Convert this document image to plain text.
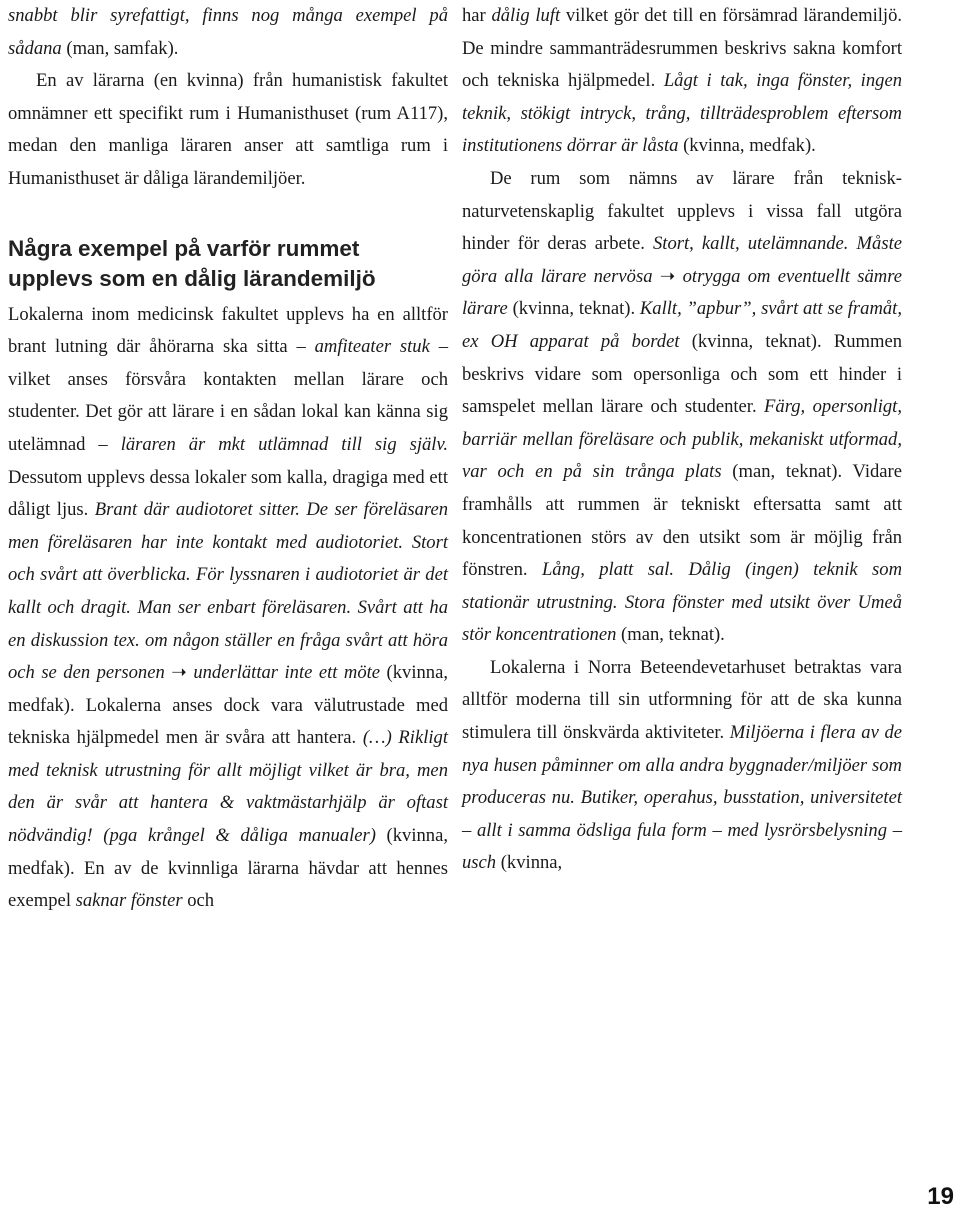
snabbt blir syrefattigt, finns nog många exempel på sådana (man, samfak).

En av lärarna (en kvinna) från humanistisk fakultet omnämner ett specifikt rum i Humanisthuset (rum A117), medan den manliga läraren anser att samtliga rum i Humanisthuset är dåliga lärandemiljöer.

Några exempel på varför rummet upplevs som en dålig lärandemiljö

Lokalerna inom medicinsk fakultet upplevs ha en alltför brant lutning där åhörarna ska sitta – amfiteater stuk – vilket anses försvåra kontakten mellan lärare och studenter. Det gör att lärare i en sådan lokal kan känna sig utelämnad – läraren är mkt utlämnad till sig själv. Dessutom upplevs dessa lokaler som kalla, dragiga med ett dåligt ljus. Brant där audiotoret sitter. De ser föreläsaren men föreläsaren har inte kontakt med audiotoriet. Stort och svårt att överblicka. För lyssnaren i audiotoriet är det kallt och dragit. Man ser enbart föreläsaren. Svårt att ha en diskussion tex. om någon ställer en fråga svårt att höra och se den personen ➝ underlättar inte ett möte (kvinna, medfak). Lokalerna anses dock vara välutrustade med tekniska hjälpmedel men är svåra att hantera. (…) Rikligt med teknisk utrustning för allt möjligt vilket är bra, men den är svår att hantera & vaktmästarhjälp är oftast nödvändig! (pga krångel & dåliga manualer) (kvinna, medfak). En av de kvinnliga lärarna hävdar att hennes exempel saknar fönster och

har dålig luft vilket gör det till en försämrad lärandemiljö. De mindre sammanträdesrummen beskrivs sakna komfort och tekniska hjälpmedel. Lågt i tak, inga fönster, ingen teknik, stökigt intryck, trång, tillträdesproblem eftersom institutionens dörrar är låsta (kvinna, medfak).

De rum som nämns av lärare från teknisk-naturvetenskaplig fakultet upplevs i vissa fall utgöra hinder för deras arbete. Stort, kallt, utelämnande. Måste göra alla lärare nervösa ➝ otrygga om eventuellt sämre lärare (kvinna, teknat). Kallt, ”apbur”, svårt att se framåt, ex OH apparat på bordet (kvinna, teknat). Rummen beskrivs vidare som opersonliga och som ett hinder i samspelet mellan lärare och studenter. Färg, opersonligt, barriär mellan föreläsare och publik, mekaniskt utformad, var och en på sin trånga plats (man, teknat). Vidare framhålls att rummen är tekniskt eftersatta samt att koncentrationen störs av den utsikt som är möjlig från fönstren. Lång, platt sal. Dålig (ingen) teknik som stationär utrustning. Stora fönster med utsikt över Umeå stör koncentrationen (man, teknat).

Lokalerna i Norra Beteendevetarhuset betraktas vara alltför moderna till sin utformning för att de ska kunna stimulera till önskvärda aktiviteter. Miljöerna i flera av de nya husen påminner om alla andra byggnader/miljöer som produceras nu. Butiker, operahus, busstation, universitetet – allt i samma ödsliga fula form – med lysrörsbelysning – usch (kvinna,

19
